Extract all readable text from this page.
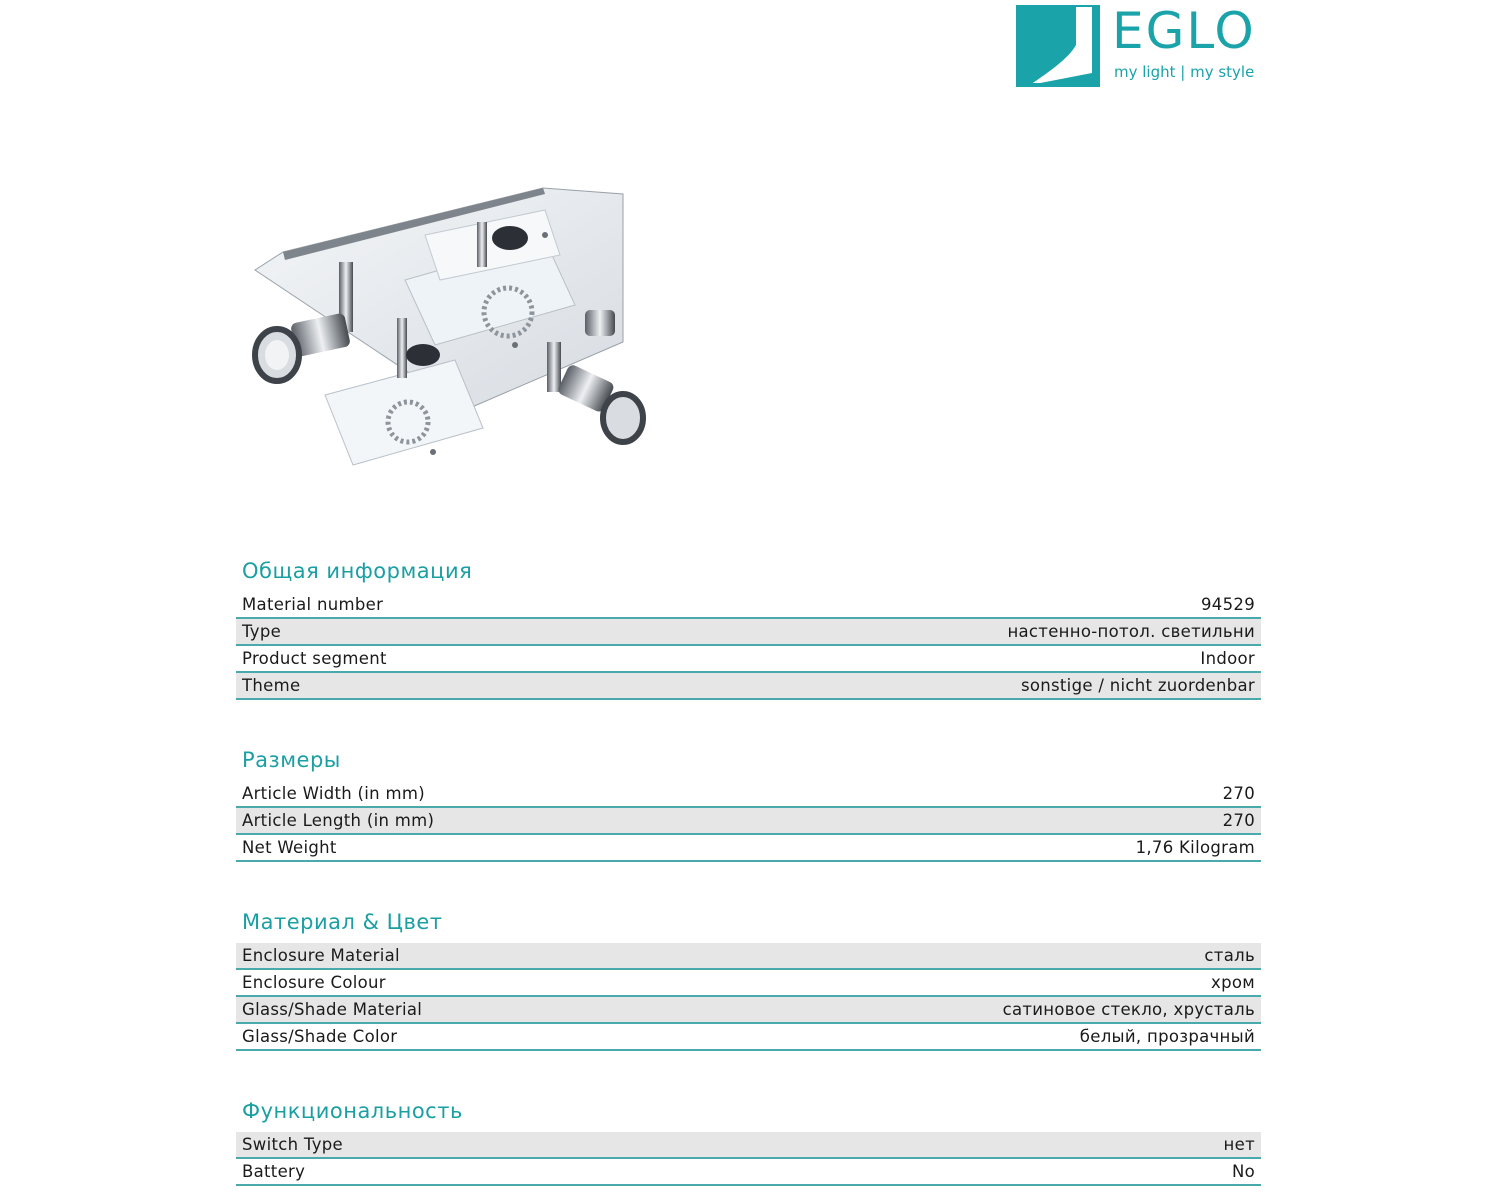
EGLO
my light | my style
Общая информация
Material number	94529
Type	настенно-потол. светильни
Product segment	Indoor
Theme	sonstige / nicht zuordenbar
Размеры
Article Width (in mm)	270
Article Length (in mm)	270
Net Weight	1,76 Kilogram
Материал & Цвет
Enclosure Material	сталь
Enclosure Colour	хром
Glass/Shade Material	сатиновое стекло, хрусталь
Glass/Shade Color	белый, прозрачный
Функциональность
Switch Type	нет
Battery	No
